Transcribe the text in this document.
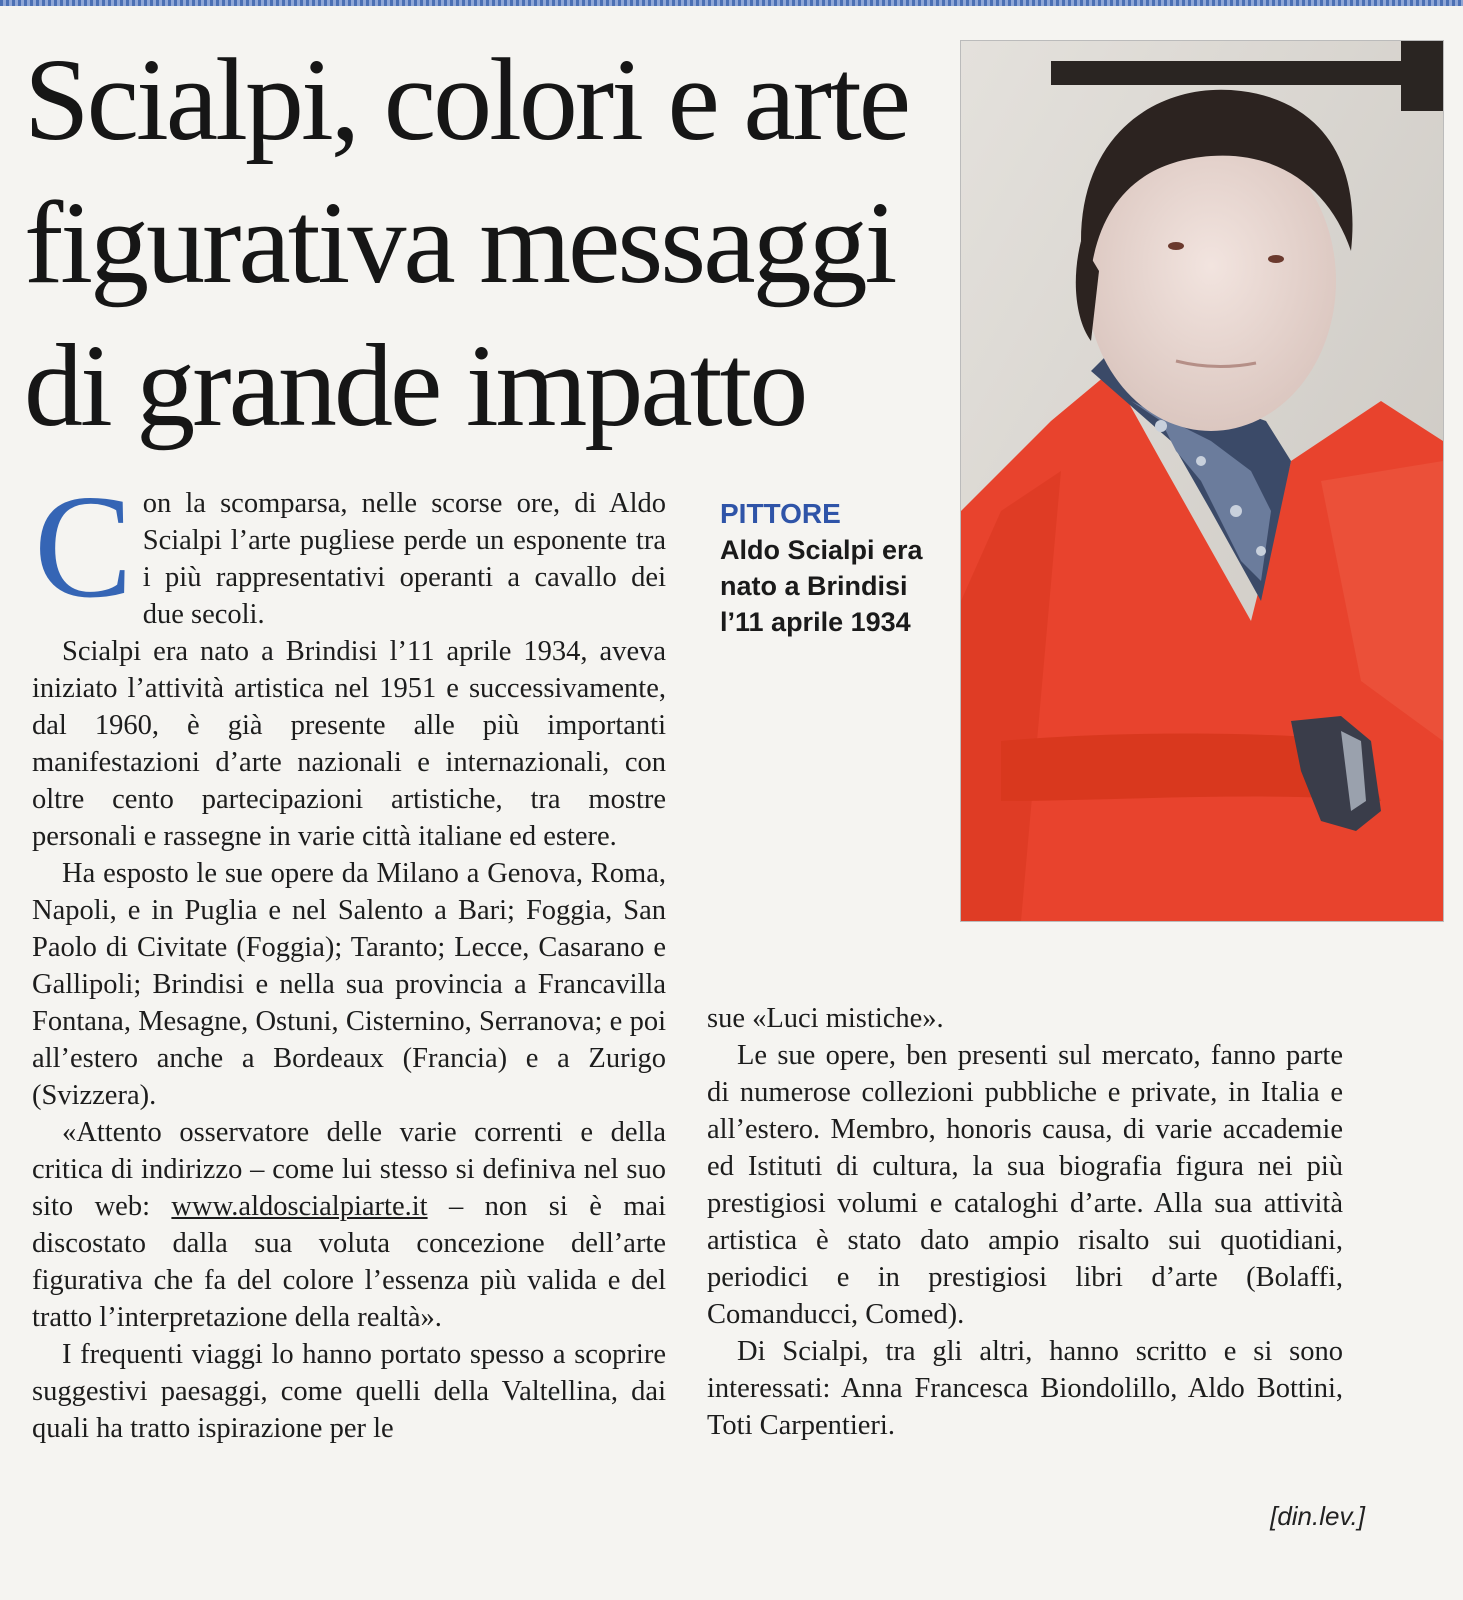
Scialpi, colori e arte figurativa messaggi di grande impatto
PITTORE
Aldo Scialpi era nato a Brindisi l’11 aprile 1934

Con la scomparsa, nelle scorse ore, di Aldo Scialpi l’arte pugliese perde un esponente tra i più rappresentativi operanti a cavallo dei due secoli.

Scialpi era nato a Brindisi l’11 aprile 1934, aveva iniziato l’attività artistica nel 1951 e successivamente, dal 1960, è già presente alle più importanti manifestazioni d’arte nazionali e internazionali, con oltre cento partecipazioni artistiche, tra mostre personali e rassegne in varie città italiane ed estere.

Ha esposto le sue opere da Milano a Genova, Roma, Napoli, e in Puglia e nel Salento a Bari; Foggia, San Paolo di Civitate (Foggia); Taranto; Lecce, Casarano e Gallipoli; Brindisi e nella sua provincia a Francavilla Fontana, Mesagne, Ostuni, Cisternino, Serranova; e poi all’estero anche a Bordeaux (Francia) e a Zurigo (Svizzera).

«Attento osservatore delle varie correnti e della critica di indirizzo – come lui stesso si definiva nel suo sito web: www.aldoscialpiarte.it – non si è mai discostato dalla sua voluta concezione dell’arte figurativa che fa del colore l’essenza più valida e del tratto l’interpretazione della realtà».

I frequenti viaggi lo hanno portato spesso a scoprire suggestivi paesaggi, come quelli della Valtellina, dai quali ha tratto ispirazione per le

sue «Luci mistiche».

Le sue opere, ben presenti sul mercato, fanno parte di numerose collezioni pubbliche e private, in Italia e all’estero. Membro, honoris causa, di varie accademie ed Istituti di cultura, la sua biografia figura nei più prestigiosi volumi e cataloghi d’arte. Alla sua attività artistica è stato dato ampio risalto sui quotidiani, periodici e in prestigiosi libri d’arte (Bolaffi, Comanducci, Comed).

Di Scialpi, tra gli altri, hanno scritto e si sono interessati: Anna Francesca Biondolillo, Aldo Bottini, Toti Carpentieri.

[din.lev.]
